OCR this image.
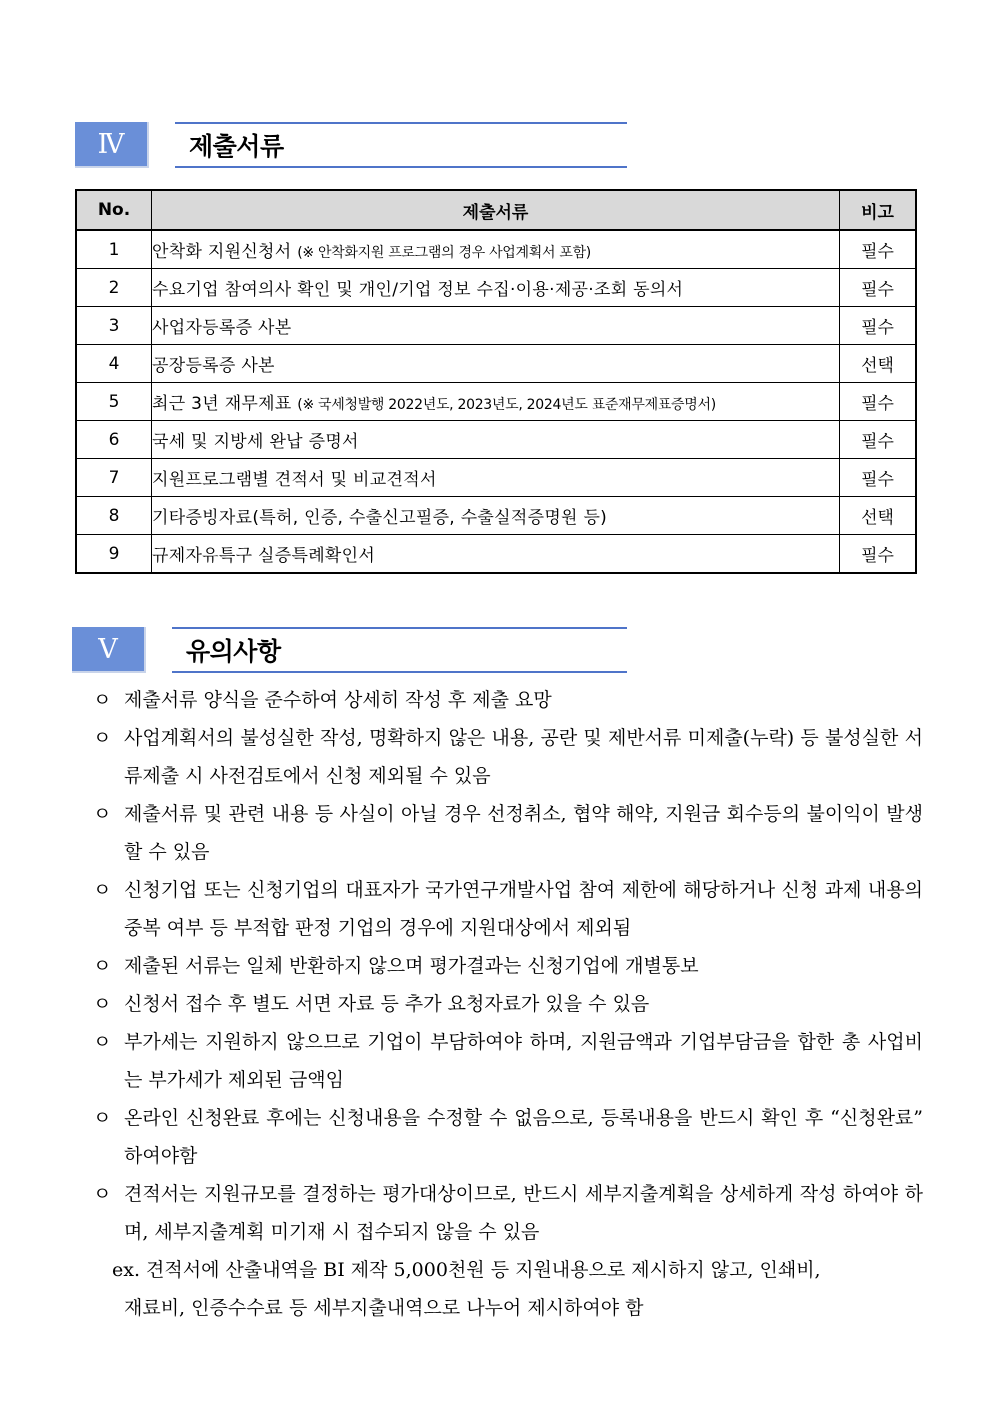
Ⅳ	제출서류
No.	제출서류	비고
1	안착화 지원신청서 (※ 안착화지원 프로그램의 경우 사업계획서 포함)	필수
2	수요기업 참여의사 확인 및 개인/기업 정보 수집·이용·제공·조회 동의서	필수
3	사업자등록증 사본	필수
4	공장등록증 사본	선택
5	최근 3년 재무제표 (※ 국세청발행 2022년도, 2023년도, 2024년도 표준재무제표증명서)	필수
6	국세 및 지방세 완납 증명서	필수
7	지원프로그램별 견적서 및 비교견적서	필수
8	기타증빙자료(특허, 인증, 수출신고필증, 수출실적증명원 등)	선택
9	규제자유특구 실증특례확인서	필수
Ⅴ	유의사항
ㅇ 제출서류 양식을 준수하여 상세히 작성 후 제출 요망
ㅇ 사업계획서의 불성실한 작성, 명확하지 않은 내용, 공란 및 제반서류 미제출(누락) 등 불성실한 서류제출 시 사전검토에서 신청 제외될 수 있음
ㅇ 제출서류 및 관련 내용 등 사실이 아닐 경우 선정취소, 협약 해약, 지원금 회수등의 불이익이 발생할 수 있음
ㅇ 신청기업 또는 신청기업의 대표자가 국가연구개발사업 참여 제한에 해당하거나 신청 과제 내용의 중복 여부 등 부적합 판정 기업의 경우에 지원대상에서 제외됨
ㅇ 제출된 서류는 일체 반환하지 않으며 평가결과는 신청기업에 개별통보
ㅇ 신청서 접수 후 별도 서면 자료 등 추가 요청자료가 있을 수 있음
ㅇ 부가세는 지원하지 않으므로 기업이 부담하여야 하며, 지원금액과 기업부담금을 합한 총 사업비는 부가세가 제외된 금액임
ㅇ 온라인 신청완료 후에는 신청내용을 수정할 수 없음으로, 등록내용을 반드시 확인 후 “신청완료” 하여야함
ㅇ 견적서는 지원규모를 결정하는 평가대상이므로, 반드시 세부지출계획을 상세하게 작성 하여야 하며, 세부지출계획 미기재 시 접수되지 않을 수 있음
ex. 견적서에 산출내역을 BI 제작 5,000천원 등 지원내용으로 제시하지 않고, 인쇄비,
재료비, 인증수수료 등 세부지출내역으로 나누어 제시하여야 함
